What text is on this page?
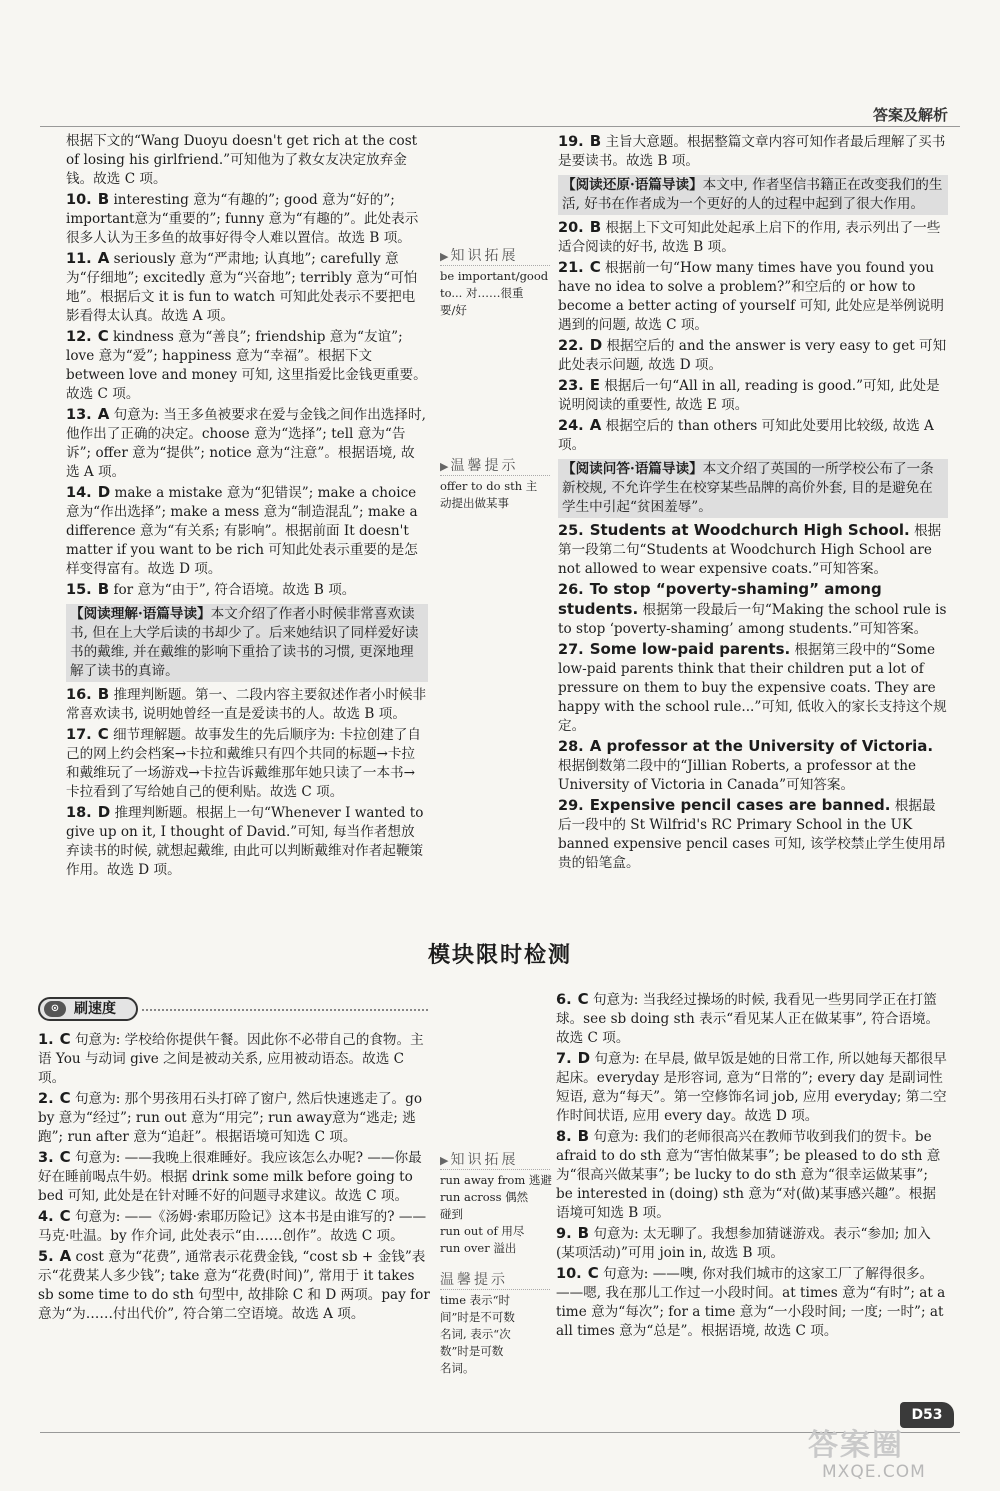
答案及解析
根据下文的“Wang Duoyu doesn't get rich at the cost of losing his girlfriend.”可知他为了救女友决定放弃金钱。故选 C 项。
10. B interesting 意为“有趣的”; good 意为“好的”; important意为“重要的”; funny 意为“有趣的”。此处表示很多人认为王多鱼的故事好得令人难以置信。故选 B 项。
11. A seriously 意为“严肃地; 认真地”; carefully 意为“仔细地”; excitedly 意为“兴奋地”; terribly 意为“可怕地”。根据后文 it is fun to watch 可知此处表示不要把电影看得太认真。故选 A 项。
12. C kindness 意为“善良”; friendship 意为“友谊”; love 意为“爱”; happiness 意为“幸福”。根据下文 between love and money 可知, 这里指爱比金钱更重要。故选 C 项。
13. A 句意为: 当王多鱼被要求在爱与金钱之间作出选择时, 他作出了正确的决定。choose 意为“选择”; tell 意为“告诉”; offer 意为“提供”; notice 意为“注意”。根据语境, 故选 A 项。
14. D make a mistake 意为“犯错误”; make a choice 意为“作出选择”; make a mess 意为“制造混乱”; make a difference 意为“有关系; 有影响”。根据前面 It doesn't matter if you want to be rich 可知此处表示重要的是怎样变得富有。故选 D 项。
15. B for 意为“由于”, 符合语境。故选 B 项。
【阅读理解·语篇导读】本文介绍了作者小时候非常喜欢读书, 但在上大学后读的书却少了。后来她结识了同样爱好读书的戴维, 并在戴维的影响下重拾了读书的习惯, 更深地理解了读书的真谛。
16. B 推理判断题。第一、二段内容主要叙述作者小时候非常喜欢读书, 说明她曾经一直是爱读书的人。故选 B 项。
17. C 细节理解题。故事发生的先后顺序为: 卡拉创建了自己的网上约会档案→卡拉和戴维只有四个共同的标题→卡拉和戴维玩了一场游戏→卡拉告诉戴维那年她只读了一本书→卡拉看到了写给她自己的便利贴。故选 C 项。
18. D 推理判断题。根据上一句“Whenever I wanted to give up on it, I thought of David.”可知, 每当作者想放弃读书的时候, 就想起戴维, 由此可以判断戴维对作者起鞭策作用。故选 D 项。
19. B 主旨大意题。根据整篇文章内容可知作者最后理解了买书是要读书。故选 B 项。
【阅读还原·语篇导读】本文中, 作者坚信书籍正在改变我们的生活, 好书在作者成为一个更好的人的过程中起到了很大作用。
20. B 根据上下文可知此处起承上启下的作用, 表示列出了一些适合阅读的好书, 故选 B 项。
21. C 根据前一句“How many times have you found you have no idea to solve a problem?”和空后的 or how to become a better acting of yourself 可知, 此处应是举例说明遇到的问题, 故选 C 项。
22. D 根据空后的 and the answer is very easy to get 可知此处表示问题, 故选 D 项。
23. E 根据后一句“All in all, reading is good.”可知, 此处是说明阅读的重要性, 故选 E 项。
24. A 根据空后的 than others 可知此处要用比较级, 故选 A 项。
【阅读问答·语篇导读】本文介绍了英国的一所学校公布了一条新校规, 不允许学生在校穿某些品牌的高价外套, 目的是避免在学生中引起“贫困羞辱”。
25. Students at Woodchurch High School. 根据第一段第二句“Students at Woodchurch High School are not allowed to wear expensive coats.”可知答案。
26. To stop “poverty-shaming” among students. 根据第一段最后一句“Making the school rule is to stop ‘poverty-shaming’ among students.”可知答案。
27. Some low-paid parents. 根据第三段中的“Some low-paid parents think that their children put a lot of pressure on them to buy the expensive coats. They are happy with the school rule...”可知, 低收入的家长支持这个规定。
28. A professor at the University of Victoria. 根据倒数第二段中的“Jillian Roberts, a professor at the University of Victoria in Canada”可知答案。
29. Expensive pencil cases are banned. 根据最后一段中的 St Wilfrid's RC Primary School in the UK banned expensive pencil cases 可知, 该学校禁止学生使用昂贵的铅笔盒。
▶ 知识拓展
be important/good
to... 对……很重
要/好
▶ 温馨提示
offer to do sth 主
动提出做某事
模块限时检测
⊙	刷速度
1. C 句意为: 学校给你提供午餐。因此你不必带自己的食物。主语 You 与动词 give 之间是被动关系, 应用被动语态。故选 C 项。
2. C 句意为: 那个男孩用石头打碎了窗户, 然后快速逃走了。go by 意为“经过”; run out 意为“用完”; run away意为“逃走; 逃跑”; run after 意为“追赶”。根据语境可知选 C 项。
3. C 句意为: ——我晚上很难睡好。我应该怎么办呢? ——你最好在睡前喝点牛奶。根据 drink some milk before going to bed 可知, 此处是在针对睡不好的问题寻求建议。故选 C 项。
4. C 句意为: ——《汤姆·索耶历险记》这本书是由谁写的? ——马克·吐温。by 作介词, 此处表示“由……创作”。故选 C 项。
5. A cost 意为“花费”, 通常表示花费金钱, “cost sb + 金钱”表示“花费某人多少钱”; take 意为“花费(时间)”, 常用于 it takes sb some time to do sth 句型中, 故排除 C 和 D 两项。pay for 意为“为……付出代价”, 符合第二空语境。故选 A 项。
6. C 句意为: 当我经过操场的时候, 我看见一些男同学正在打篮球。see sb doing sth 表示“看见某人正在做某事”, 符合语境。故选 C 项。
7. D 句意为: 在早晨, 做早饭是她的日常工作, 所以她每天都很早起床。everyday 是形容词, 意为“日常的”; every day 是副词性短语, 意为“每天”。第一空修饰名词 job, 应用 everyday; 第二空作时间状语, 应用 every day。故选 D 项。
8. B 句意为: 我们的老师很高兴在教师节收到我们的贺卡。be afraid to do sth 意为“害怕做某事”; be pleased to do sth 意为“很高兴做某事”; be lucky to do sth 意为“很幸运做某事”; be interested in (doing) sth 意为“对(做)某事感兴趣”。根据语境可知选 B 项。
9. B 句意为: 太无聊了。我想参加猜谜游戏。表示“参加; 加入(某项活动)”可用 join in, 故选 B 项。
10. C 句意为: ——噢, 你对我们城市的这家工厂了解得很多。——嗯, 我在那儿工作过一小段时间。at times 意为“有时”; at a time 意为“每次”; for a time 意为“一小段时间; 一度; 一时”; at all times 意为“总是”。根据语境, 故选 C 项。
▶ 知识拓展
run away from 逃避
run across 偶然
碰到
run out of 用尽
run over 溢出
温馨提示
time 表示“时
间”时是不可数
名词, 表示“次
数”时是可数
名词。
D53
答案圈
MXQE.COM
